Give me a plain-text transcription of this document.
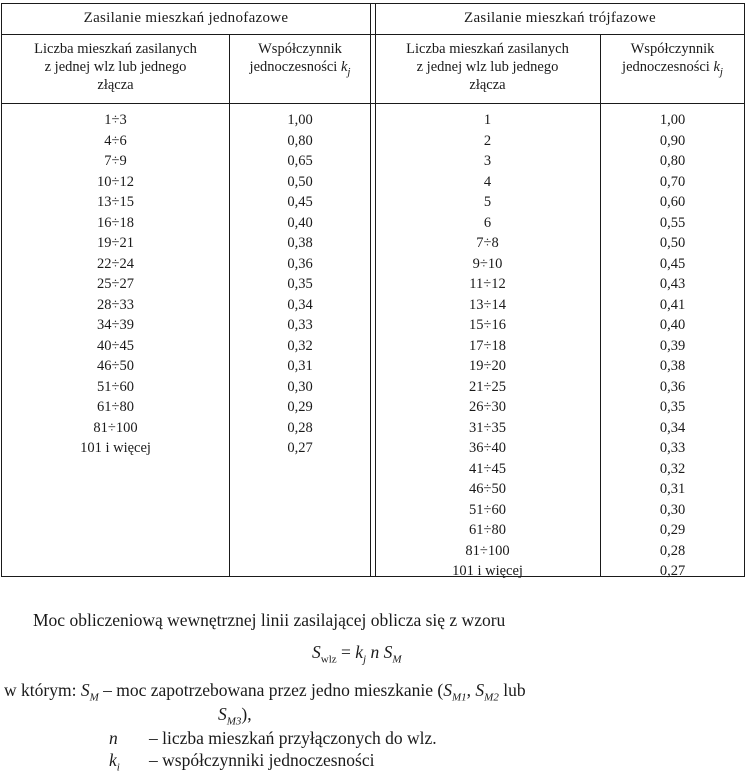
Zasilanie mieszkań jednofazowe	Zasilanie mieszkań trójfazowe
Liczba mieszkań zasilanych
z jednej wlz lub jednego
złącza
Współczynnik
jednoczesności $k_j$
Liczba mieszkań zasilanych
z jednej wlz lub jednego
złącza
Współczynnik
jednoczesności $k_j$
1÷3
4÷6
7÷9
10÷12
13÷15
16÷18
19÷21
22÷24
25÷27
28÷33
34÷39
40÷45
46÷50
51÷60
61÷80
81÷100
101 i więcej
1,00
0,80
0,65
0,50
0,45
0,40
0,38
0,36
0,35
0,34
0,33
0,32
0,31
0,30
0,29
0,28
0,27
1
2
3
4
5
6
7÷8
9÷10
11÷12
13÷14
15÷16
17÷18
19÷20
21÷25
26÷30
31÷35
36÷40
41÷45
46÷50
51÷60
61÷80
81÷100
101 i więcej
1,00
0,90
0,80
0,70
0,60
0,55
0,50
0,45
0,43
0,41
0,40
0,39
0,38
0,36
0,35
0,34
0,33
0,32
0,31
0,30
0,29
0,28
0,27
Moc obliczeniową wewnętrznej linii zasilającej oblicza się z wzoru
$S_{wlz} = k_j$ n $S_M$
w którym: $S_M$ – moc zapotrzebowana przez jedno mieszkanie ($S_{M1}$, $S_{M2}$ lub
$S_{M3}$),
n – liczba mieszkań przyłączonych do wlz.
$k_i$ – współczynniki jednoczesności
